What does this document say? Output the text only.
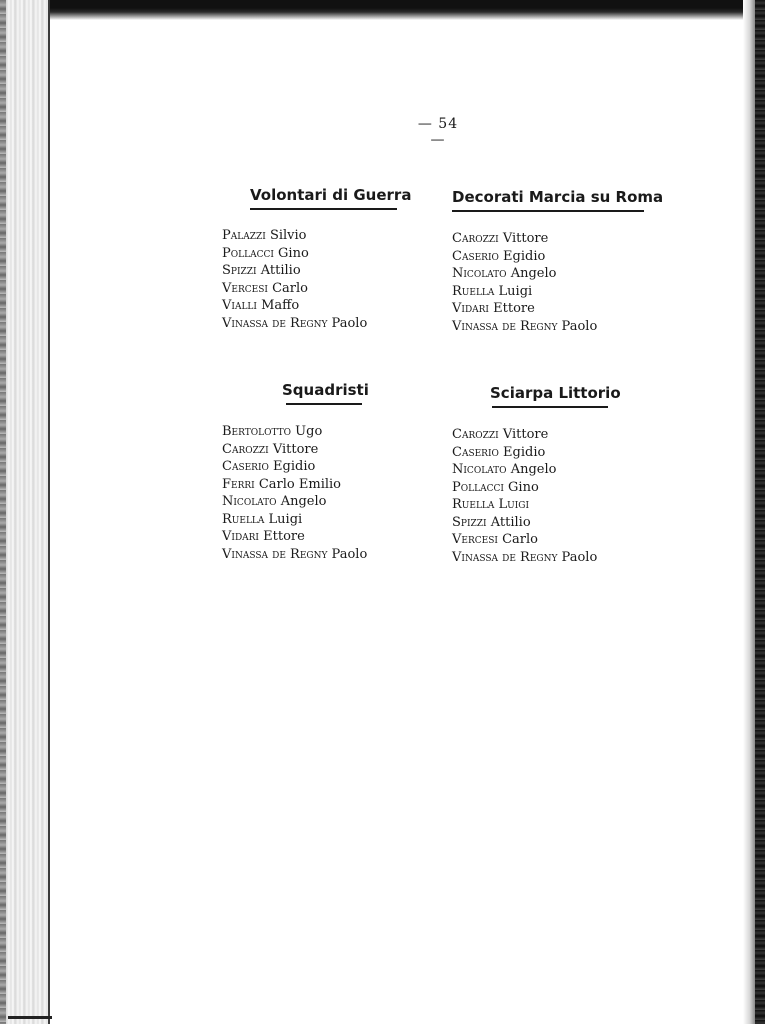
— 54 —
Volontari di Guerra
Palazzi Silvio
Pollacci Gino
Spizzi Attilio
Vercesi Carlo
Vialli Maffo
Vinassa de Regny Paolo
Decorati Marcia su Roma
Carozzi Vittore
Caserio Egidio
Nicolato Angelo
Ruella Luigi
Vidari Ettore
Vinassa de Regny Paolo
Squadristi
Bertolotto Ugo
Carozzi Vittore
Caserio Egidio
Ferri Carlo Emilio
Nicolato Angelo
Ruella Luigi
Vidari Ettore
Vinassa de Regny Paolo
Sciarpa Littorio
Carozzi Vittore
Caserio Egidio
Nicolato Angelo
Pollacci Gino
Ruella Luigi
Spizzi Attilio
Vercesi Carlo
Vinassa de Regny Paolo
